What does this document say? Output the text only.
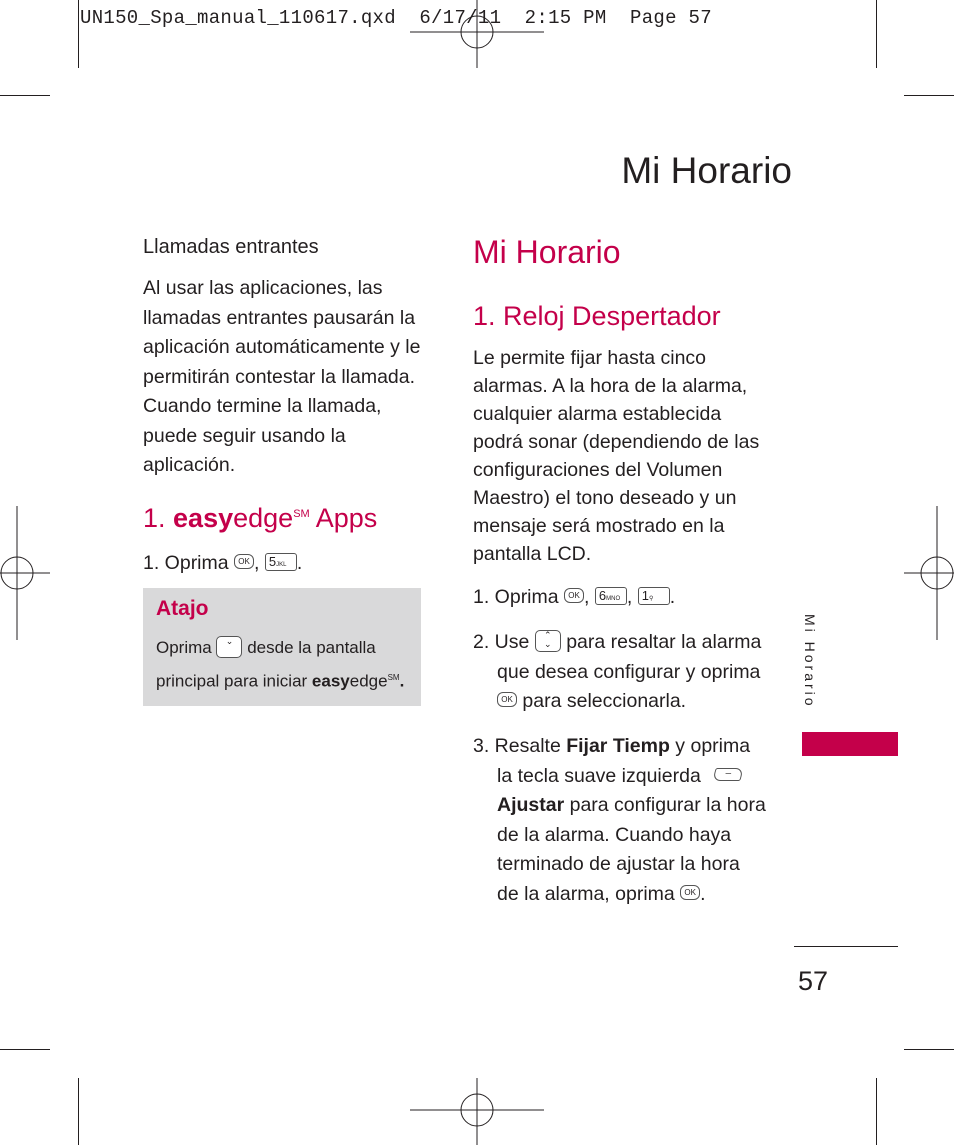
UN150_Spa_manual_110617.qxd  6/17/11  2:15 PM  Page 57
Mi Horario
Llamadas entrantes
Al usar las aplicaciones, las
llamadas entrantes pausarán la
aplicación automáticamente y le
permitirán contestar la llamada.
Cuando termine la llamada,
puede seguir usando la
aplicación.
1. easyedge℠ Apps
1. Oprima OK , 5JKL .
Atajo
Oprima ⌄ desde la pantalla
principal para iniciar easyedge℠.
Mi Horario
1. Reloj Despertador
Le permite fijar hasta cinco
alarmas. A la hora de la alarma,
cualquier alarma establecida
podrá sonar (dependiendo de las
configuraciones del Volumen
Maestro) el tono deseado y un
mensaje será mostrado en la
pantalla LCD.
1. Oprima OK , 6MNO , 1⚲ .
2. Use ⌃
⌄ para resaltar la alarma
que desea configurar y oprima
OK para seleccionarla.
3. Resalte Fijar Tiemp y oprima
la tecla suave izquierda –
Ajustar para configurar la hora
de la alarma. Cuando haya
terminado de ajustar la hora
de la alarma, oprima OK .
Mi Horario
57
